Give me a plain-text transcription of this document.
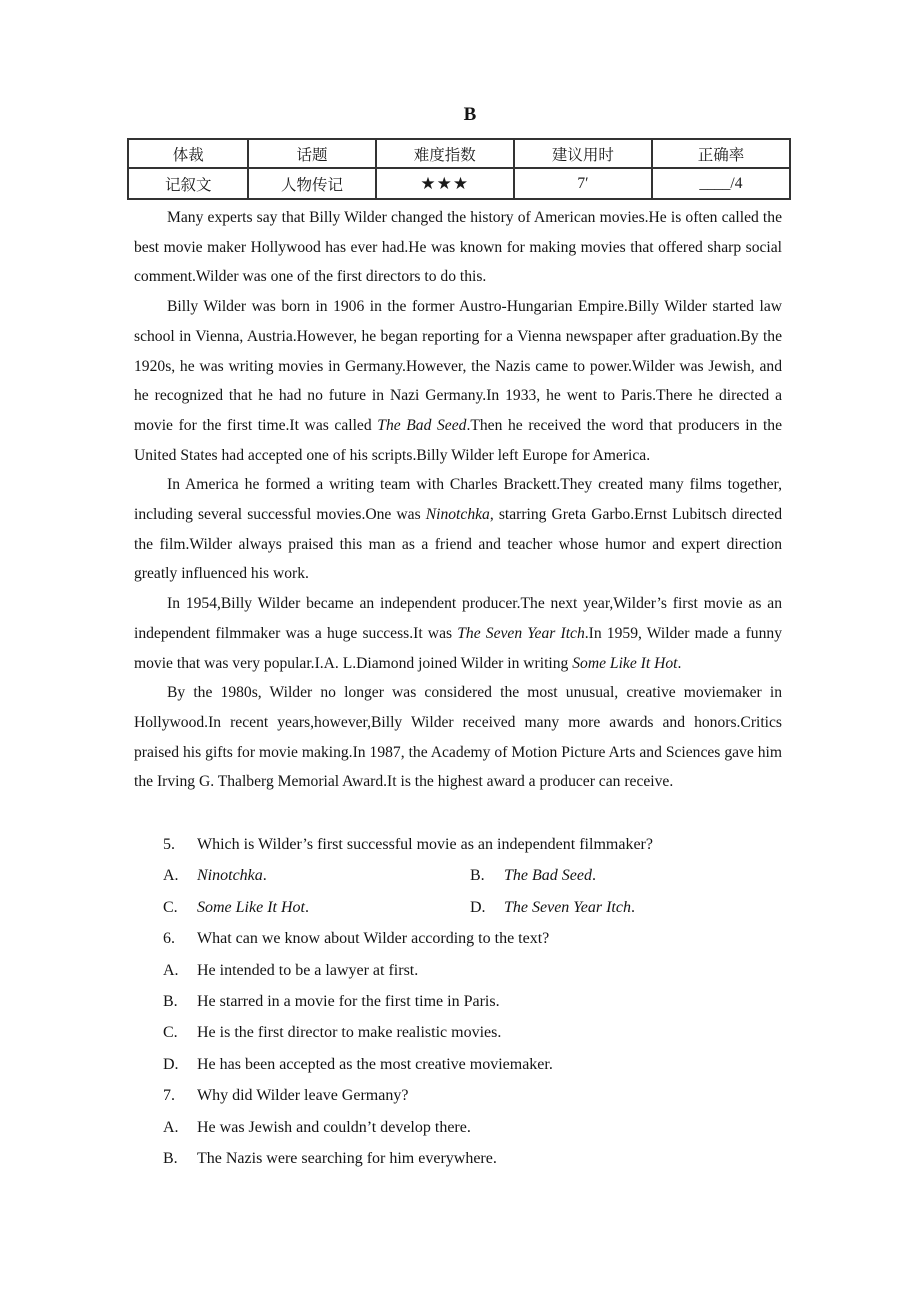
B
体裁	话题	难度指数	建议用时	正确率
记叙文	人物传记	★★★	7′	____/4

Many experts say that Billy Wilder changed the history of American movies.He is often called the best movie maker Hollywood has ever had.He was known for making movies that offered sharp social comment.Wilder was one of the first directors to do this.

Billy Wilder was born in 1906 in the former Austro-Hungarian Empire.Billy Wilder started law school in Vienna, Austria.However, he began reporting for a Vienna newspaper after graduation.By the 1920s, he was writing movies in Germany.However, the Nazis came to power.Wilder was Jewish, and he recognized that he had no future in Nazi Germany.In 1933, he went to Paris.There he directed a movie for the first time.It was called The Bad Seed.Then he received the word that producers in the United States had accepted one of his scripts.Billy Wilder left Europe for America.

In America he formed a writing team with Charles Brackett.They created many films together, including several successful movies.One was Ninotchka, starring Greta Garbo.Ernst Lubitsch directed the film.Wilder always praised this man as a friend and teacher whose humor and expert direction greatly influenced his work.

In 1954,Billy Wilder became an independent producer.The next year,Wilder’s first movie as an independent filmmaker was a huge success.It was The Seven Year Itch.In 1959, Wilder made a funny movie that was very popular.I.A. L.Diamond joined Wilder in writing Some Like It Hot.

By the 1980s, Wilder no longer was considered the most unusual, creative moviemaker in Hollywood.In recent years,however,Billy Wilder received many more awards and honors.Critics praised his gifts for movie making.In 1987, the Academy of Motion Picture Arts and Sciences gave him the Irving G. Thalberg Memorial Award.It is the highest award a producer can receive.

5. Which is Wilder’s first successful movie as an independent filmmaker?
A. Ninotchka.	B. The Bad Seed.
C. Some Like It Hot.	D. The Seven Year Itch.
6. What can we know about Wilder according to the text?
A. He intended to be a lawyer at first.
B. He starred in a movie for the first time in Paris.
C. He is the first director to make realistic movies.
D. He has been accepted as the most creative moviemaker.
7. Why did Wilder leave Germany?
A. He was Jewish and couldn’t develop there.
B. The Nazis were searching for him everywhere.
